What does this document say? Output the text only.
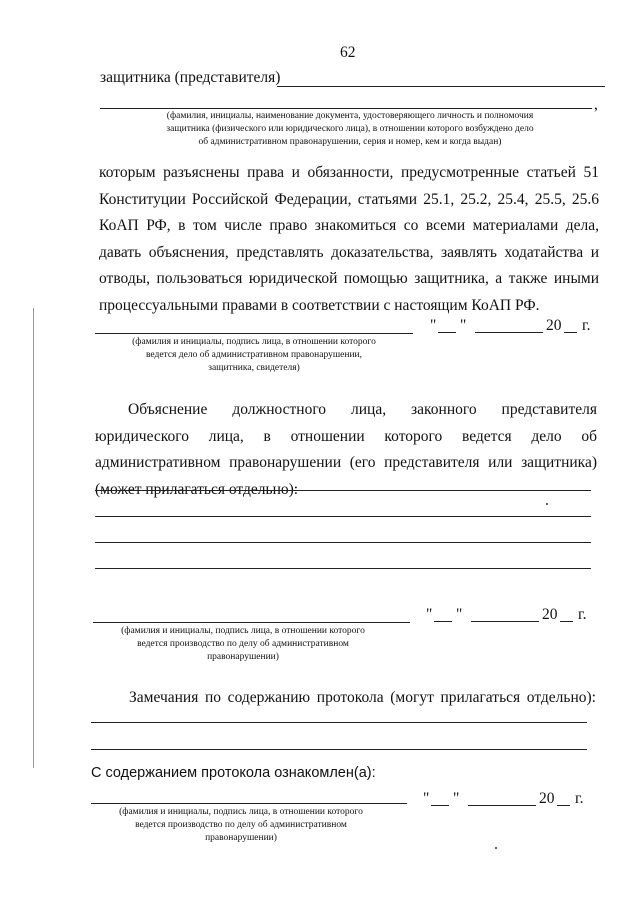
62
защитника (представителя)
,
(фамилия, инициалы, наименование документа, удостоверяющего личность и полномочия
защитника (физического или юридического лица), в отношении которого возбуждено дело
об административном правонарушении, серия и номер, кем и когда выдан)
которым разъяснены права и обязанности, предусмотренные статьей 51 Конституции Российской Федерации, статьями 25.1, 25.2, 25.4, 25.5, 25.6 КоАП РФ, в том числе право знакомиться со всеми материалами дела, давать объяснения, представлять доказательства, заявлять ходатайства и отводы, пользоваться юридической помощью защитника, а также иными процессуальными правами в соответствии с настоящим КоАП РФ.
(фамилия и инициалы, подпись лица, в отношении которого
ведется дело об административном правонарушении,
защитника, свидетеля)
" "	20 г.
Объяснение должностного лица, законного представителя юридического лица, в отношении которого ведется дело об административном правонарушении (его представителя или защитника) (может прилагаться отдельно):
(фамилия и инициалы, подпись лица, в отношении которого
ведется производство по делу об административном
правонарушении)
" "	20 г.
Замечания по содержанию протокола (могут прилагаться отдельно):
С содержанием протокола ознакомлен(а):
(фамилия и инициалы, подпись лица, в отношении которого
ведется производство по делу об административном
правонарушении)
" "	20 г.
